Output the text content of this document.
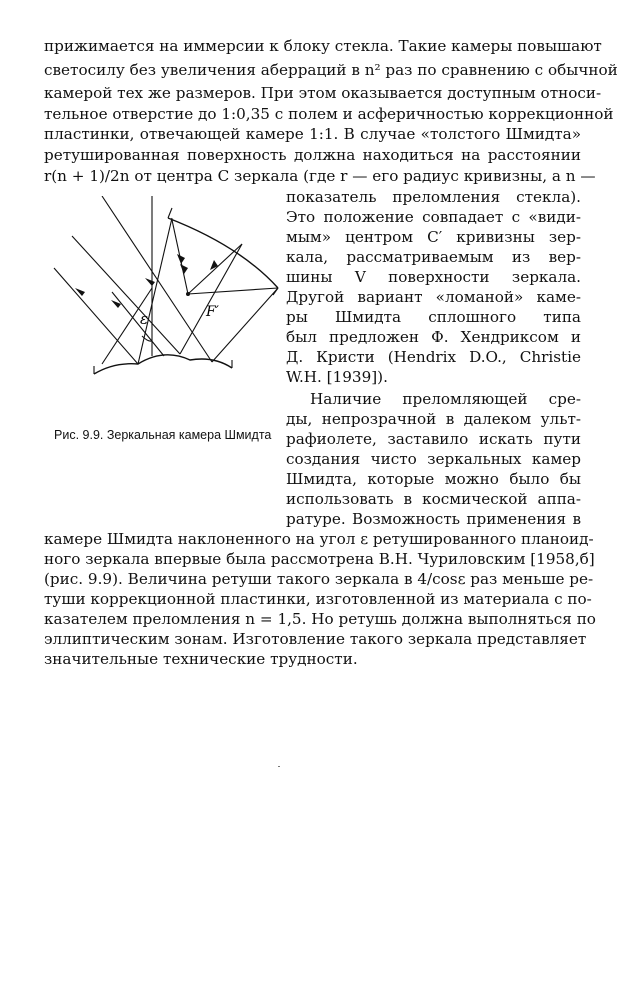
прижимается на иммерсии к блоку стекла. Такие камеры повышают
светосилу без увеличения аберраций в n² раз по сравнению с обычной
камерой тех же размеров. При этом оказывается доступным относи-
тельное отверстие до 1:0,35 с полем и асферичностью коррекционной
пластинки, отвечающей камере 1:1. В случае «толстого Шмидта»
ретушированная поверхность должна находиться на расстоянии
r(n + 1)/2n от центра C зеркала (где r — его радиус кривизны, а n —
показатель преломления стекла).
Это положение совпадает с «види-
мым» центром C′ кривизны зер-
кала, рассматриваемым из вер-
шины V поверхности зеркала.
Другой вариант «ломаной» каме-
ры Шмидта сплошного типа
был предложен Ф. Хендриксом и
Д. Кристи (Hendrix D.O., Christie
W.H. [1939]).
Наличие преломляющей сре-
ды, непрозрачной в далеком ульт-
рафиолете, заставило искать пути
создания чисто зеркальных камер
Шмидта, которые можно было бы
использовать в космической аппа-
ратуре. Возможность применения в
ε	F′
Рис. 9.9. Зеркальная камера Шмидта
камере Шмидта наклоненного на угол ε ретушированного планоид-
ного зеркала впервые была рассмотрена В.Н. Чуриловским [1958,б]
(рис. 9.9). Величина ретуши такого зеркала в 4/cosε раз меньше ре-
туши коррекционной пластинки, изготовленной из материала с по-
казателем преломления n = 1,5. Но ретушь должна выполняться по
эллиптическим зонам. Изготовление такого зеркала представляет
значительные технические трудности.
